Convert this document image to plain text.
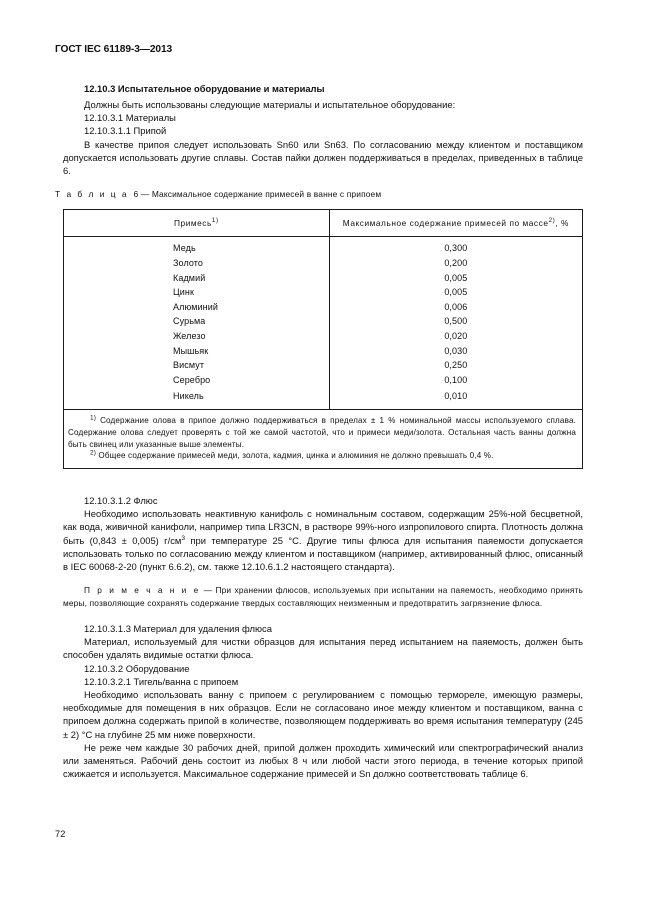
ГОСТ IEC 61189-3—2013

12.10.3 Испытательное оборудование и материалы

Должны быть использованы следующие материалы и испытательное оборудование:

12.10.3.1 Материалы

12.10.3.1.1 Припой

В качестве припоя следует использовать Sn60 или Sn63. По согласованию между клиентом и поставщиком допускается использовать другие сплавы. Состав пайки должен поддерживаться в пределах, приведенных в таблице 6.

Т а б л и ц а 6 — Максимальное содержание примесей в ванне с припоем
Примесь$^{1)}$	Максимальное содержание примесей по массе$^{2)}$, %
Медь	0,300
Золото	0,200
Кадмий	0,005
Цинк	0,005
Алюминий	0,006
Сурьма	0,500
Железо	0,020
Мышьяк	0,030
Висмут	0,250
Серебро	0,100
Никель	0,010

$^{1)}$ Содержание олова в припое должно поддерживаться в пределах ± 1 % номинальной массы используемого сплава. Содержание олова следует проверять с той же самой частотой, что и примеси меди/золота. Остальная часть ванны должна быть свинец или указанные выше элементы.

$^{2)}$ Общее содержание примесей меди, золота, кадмия, цинка и алюминия не должно превышать 0,4 %.

12.10.3.1.2 Флюс

Необходимо использовать неактивную канифоль с номинальным составом, содержащим 25%-ной бесцветной, как вода, живичной канифоли, например типа LR3CN, в растворе 99%-ного изпропилового спирта. Плотность должна быть (0,843 ± 0,005) $г/см^3$ при температуре 25 °С. Другие типы флюса для испытания паяемости допускается использовать только по согласованию между клиентом и поставщиком (например, активированный флюс, описанный в IEC 60068-2-20 (пункт 6.6.2), см. также 12.10.6.1.2 настоящего стандарта).

П р и м е ч а н и е — При хранении флюсов, используемых при испытании на паяемость, необходимо принять меры, позволяющие сохранять содержание твердых составляющих неизменным и предотвратить загрязнение флюса.

12.10.3.1.3 Материал для удаления флюса

Материал, используемый для чистки образцов для испытания перед испытанием на паяемость, должен быть способен удалять видимые остатки флюса.

12.10.3.2 Оборудование

12.10.3.2.1 Тигель/ванна с припоем

Необходимо использовать ванну с припоем с регулированием с помощью термореле, имеющую размеры, необходимые для помещения в них образцов. Если не согласовано иное между клиентом и поставщиком, ванна с припоем должна содержать припой в количестве, позволяющем поддерживать во время испытания температуру (245 ± 2) °С на глубине 25 мм ниже поверхности.

Не реже чем каждые 30 рабочих дней, припой должен проходить химический или спектрографический анализ или заменяться. Рабочий день состоит из любых 8 ч или любой части этого периода, в течение которых припой сжижается и используется. Максимальное содержание примесей и Sn должно соответствовать таблице 6.

72
